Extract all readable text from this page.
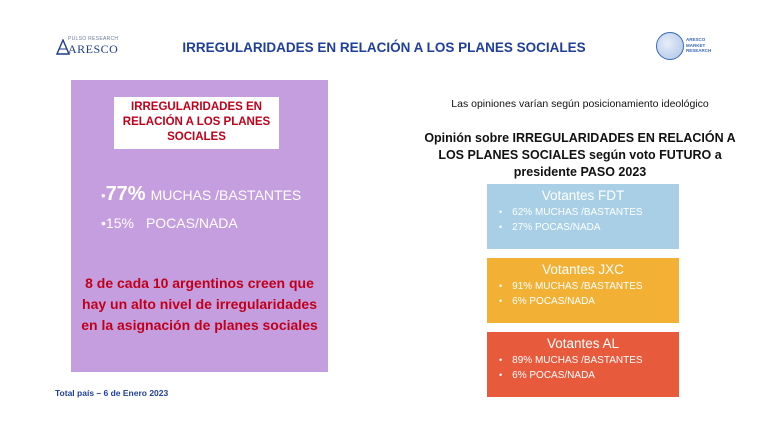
PULSO RESEARCH
ARESCO	IRREGULARIDADES EN RELACIÓN A LOS PLANES SOCIALES
ARESCO
MARKET
RESEARCH
IRREGULARIDADES EN RELACIÓN A LOS PLANES SOCIALES
•77% MUCHAS /BASTANTES
•15% POCAS/NADA
8 de cada 10 argentinos creen que hay un alto nivel de irregularidades en la asignación de planes sociales
Total país – 6 de Enero 2023
Las opiniones varían según posicionamiento ideológico
Opinión sobre IRREGULARIDADES EN RELACIÓN A LOS PLANES SOCIALES según voto FUTURO a presidente PASO 2023
Votantes FDT
• 62% MUCHAS /BASTANTES
• 27% POCAS/NADA
Votantes JXC
• 91% MUCHAS /BASTANTES
• 6% POCAS/NADA
Votantes AL
• 89% MUCHAS /BASTANTES
• 6% POCAS/NADA
